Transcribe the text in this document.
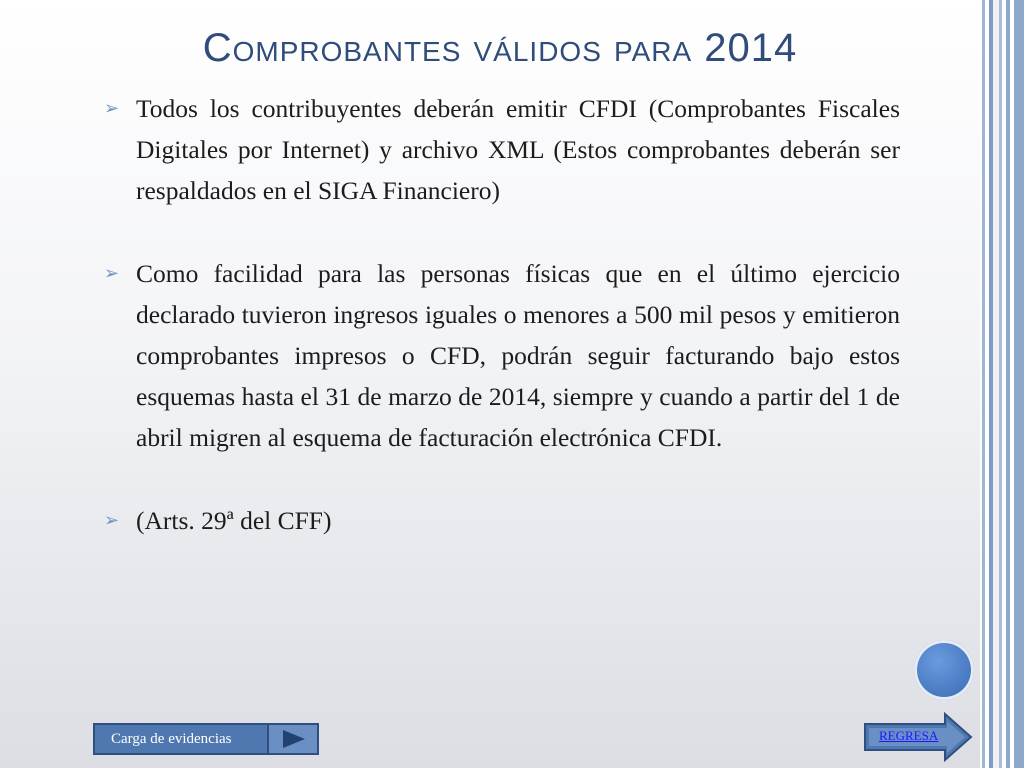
Comprobantes válidos para 2014
➢ Todos los contribuyentes deberán emitir CFDI (Comprobantes Fiscales Digitales por Internet) y archivo XML (Estos comprobantes deberán ser respaldados en el SIGA Financiero)
➢ Como facilidad para las personas físicas que en el último ejercicio declarado tuvieron ingresos iguales o menores a 500 mil pesos y emitieron comprobantes impresos o CFD, podrán seguir facturando bajo estos esquemas hasta el 31 de marzo de 2014, siempre y cuando a partir del 1 de abril migren al esquema de facturación electrónica CFDI.
➢ (Arts. 29ª del CFF)
Carga de evidencias	REGRESA
